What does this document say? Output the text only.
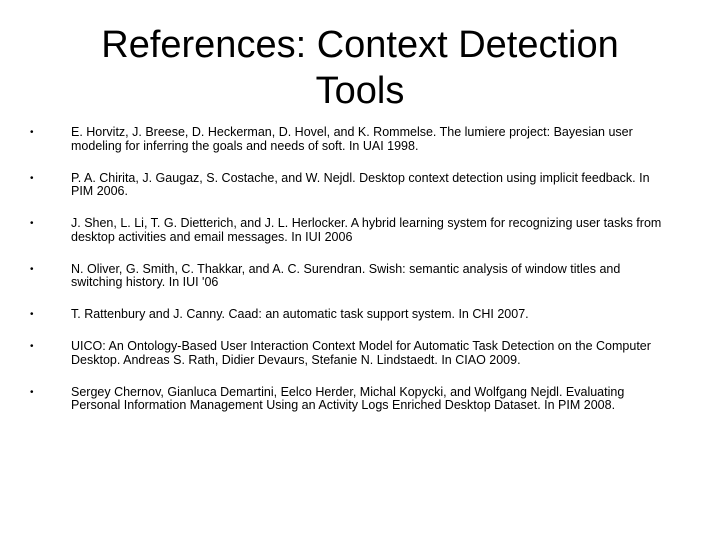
References: Context Detection Tools
•	E. Horvitz, J. Breese, D. Heckerman, D. Hovel, and K. Rommelse. The lumiere project: Bayesian user modeling for inferring the goals and needs of soft. In UAI 1998.
•	P. A. Chirita, J. Gaugaz, S. Costache, and W. Nejdl. Desktop context detection using implicit feedback. In PIM 2006.
•	J. Shen, L. Li, T. G. Dietterich, and J. L. Herlocker. A hybrid learning system for recognizing user tasks from desktop activities and email messages. In IUI 2006
•	N. Oliver, G. Smith, C. Thakkar, and A. C. Surendran. Swish: semantic analysis of window titles and switching history. In IUI '06
•	T. Rattenbury and J. Canny. Caad: an automatic task support system. In CHI 2007.
•	UICO: An Ontology-Based User Interaction Context Model for Automatic Task Detection on the Computer Desktop. Andreas S. Rath, Didier Devaurs, Stefanie N. Lindstaedt. In CIAO 2009.
•	Sergey Chernov, Gianluca Demartini, Eelco Herder, Michal Kopycki, and Wolfgang Nejdl. Evaluating Personal Information Management Using an Activity Logs Enriched Desktop Dataset. In PIM 2008.
